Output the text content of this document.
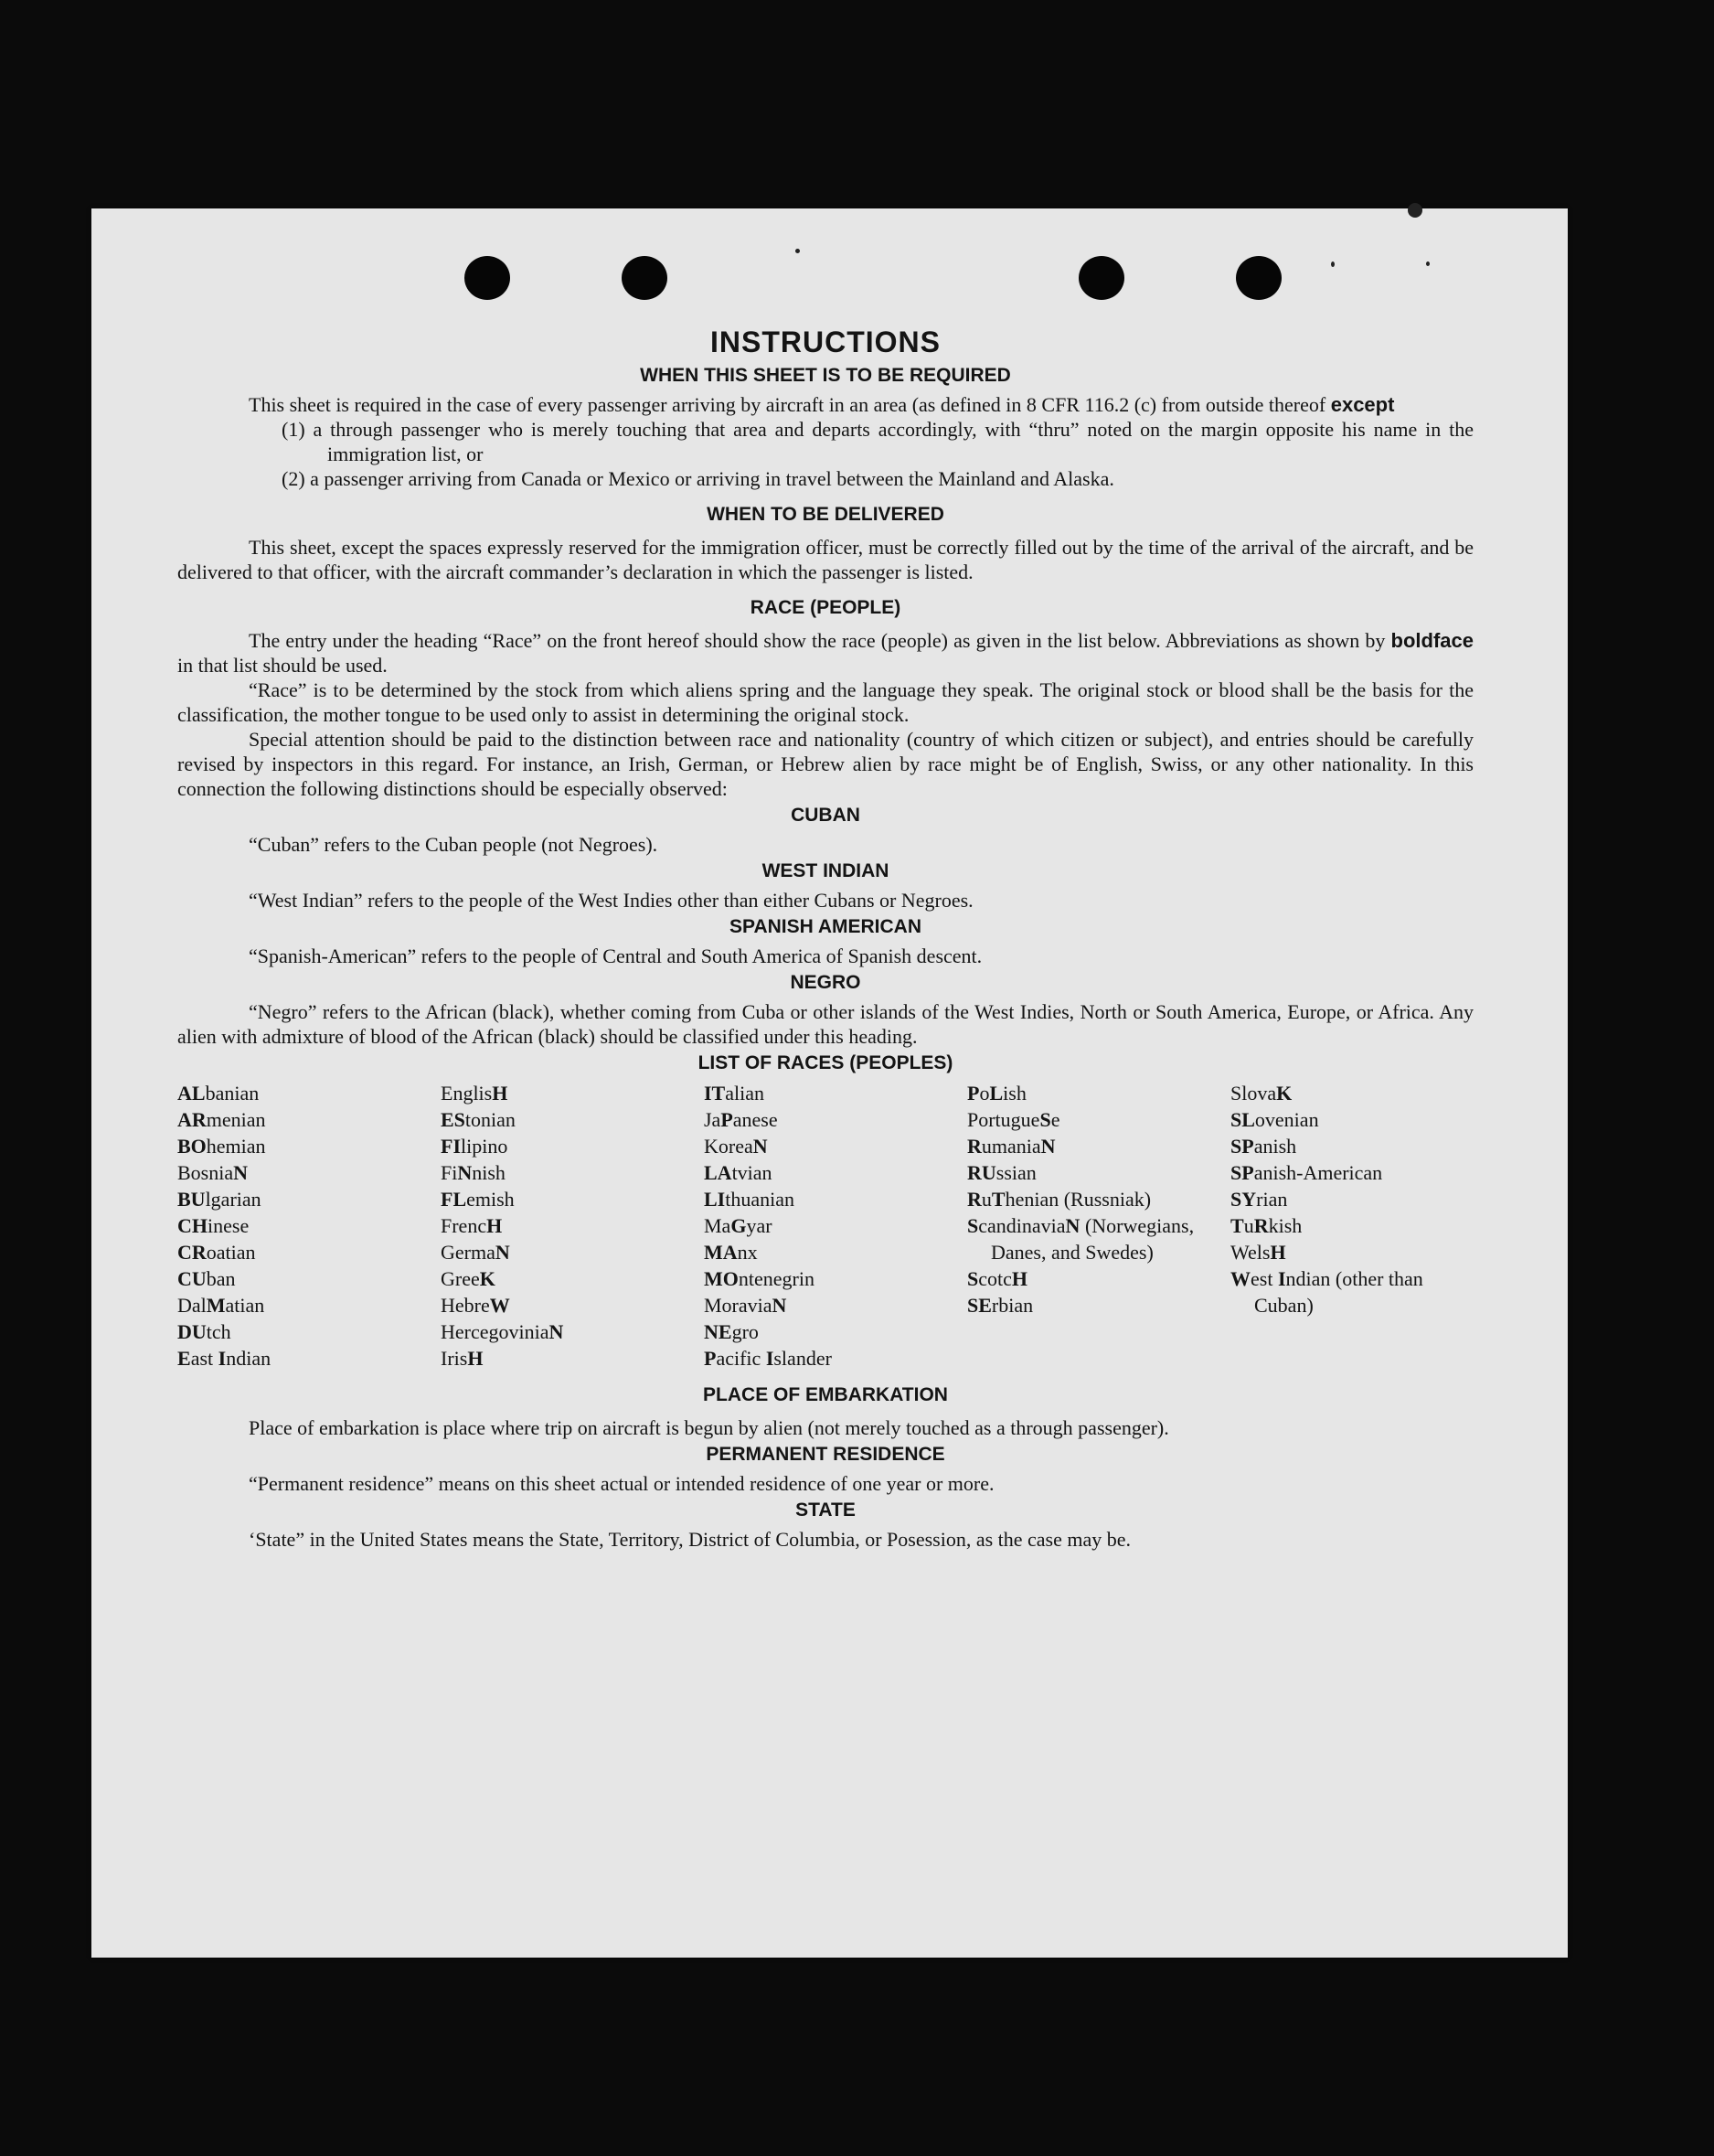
INSTRUCTIONS
WHEN THIS SHEET IS TO BE REQUIRED

This sheet is required in the case of every passenger arriving by aircraft in an area (as defined in 8 CFR 116.2 (c) from outside thereof except

(1) a through passenger who is merely touching that area and departs accordingly, with “thru” noted on the margin opposite his name in the immigration list, or
(2) a passenger arriving from Canada or Mexico or arriving in travel between the Mainland and Alaska.
WHEN TO BE DELIVERED

This sheet, except the spaces expressly reserved for the immigration officer, must be correctly filled out by the time of the arrival of the aircraft, and be delivered to that officer, with the aircraft commander’s declaration in which the passenger is listed.

RACE (PEOPLE)

The entry under the heading “Race” on the front hereof should show the race (people) as given in the list below. Abbreviations as shown by boldface in that list should be used.

“Race” is to be determined by the stock from which aliens spring and the language they speak. The original stock or blood shall be the basis for the classification, the mother tongue to be used only to assist in determining the original stock.

Special attention should be paid to the distinction between race and nationality (country of which citizen or subject), and entries should be carefully revised by inspectors in this regard. For instance, an Irish, German, or Hebrew alien by race might be of English, Swiss, or any other nationality. In this connection the following distinctions should be especially observed:

CUBAN

“Cuban” refers to the Cuban people (not Negroes).

WEST INDIAN

“West Indian” refers to the people of the West Indies other than either Cubans or Negroes.

SPANISH AMERICAN

“Spanish-American” refers to the people of Central and South America of Spanish descent.

NEGRO

“Negro” refers to the African (black), whether coming from Cuba or other islands of the West Indies, North or South America, Europe, or Africa. Any alien with admixture of blood of the African (black) should be classified under this heading.

LIST OF RACES (PEOPLES)
ALbanian
ARmenian
BOhemian
BosniaN
BUlgarian
CHinese
CRoatian
CUban
DalMatian
DUtch
East Indian
EnglisH
EStonian
FIlipino
FiNnish
FLemish
FrencH
GermaN
GreeK
HebreW
HercegoviniaN
IrisH
ITalian
JaPanese
KoreaN
LAtvian
LIthuanian
MaGyar
MAnx
MOntenegrin
MoraviaN
NEgro
Pacific Islander
PoLish
PortugueSe
RumaniaN
RUssian
RuThenian (Russniak)
ScandinaviaN (Norwegians, Danes, and Swedes)
ScotcH
SErbian
SlovaK
SLovenian
SPanish
SPanish-American
SYrian
TuRkish
WelsH
West Indian (other than Cuban)
PLACE OF EMBARKATION

Place of embarkation is place where trip on aircraft is begun by alien (not merely touched as a through passenger).

PERMANENT RESIDENCE

“Permanent residence” means on this sheet actual or intended residence of one year or more.

STATE

‘State” in the United States means the State, Territory, District of Columbia, or Posession, as the case may be.
